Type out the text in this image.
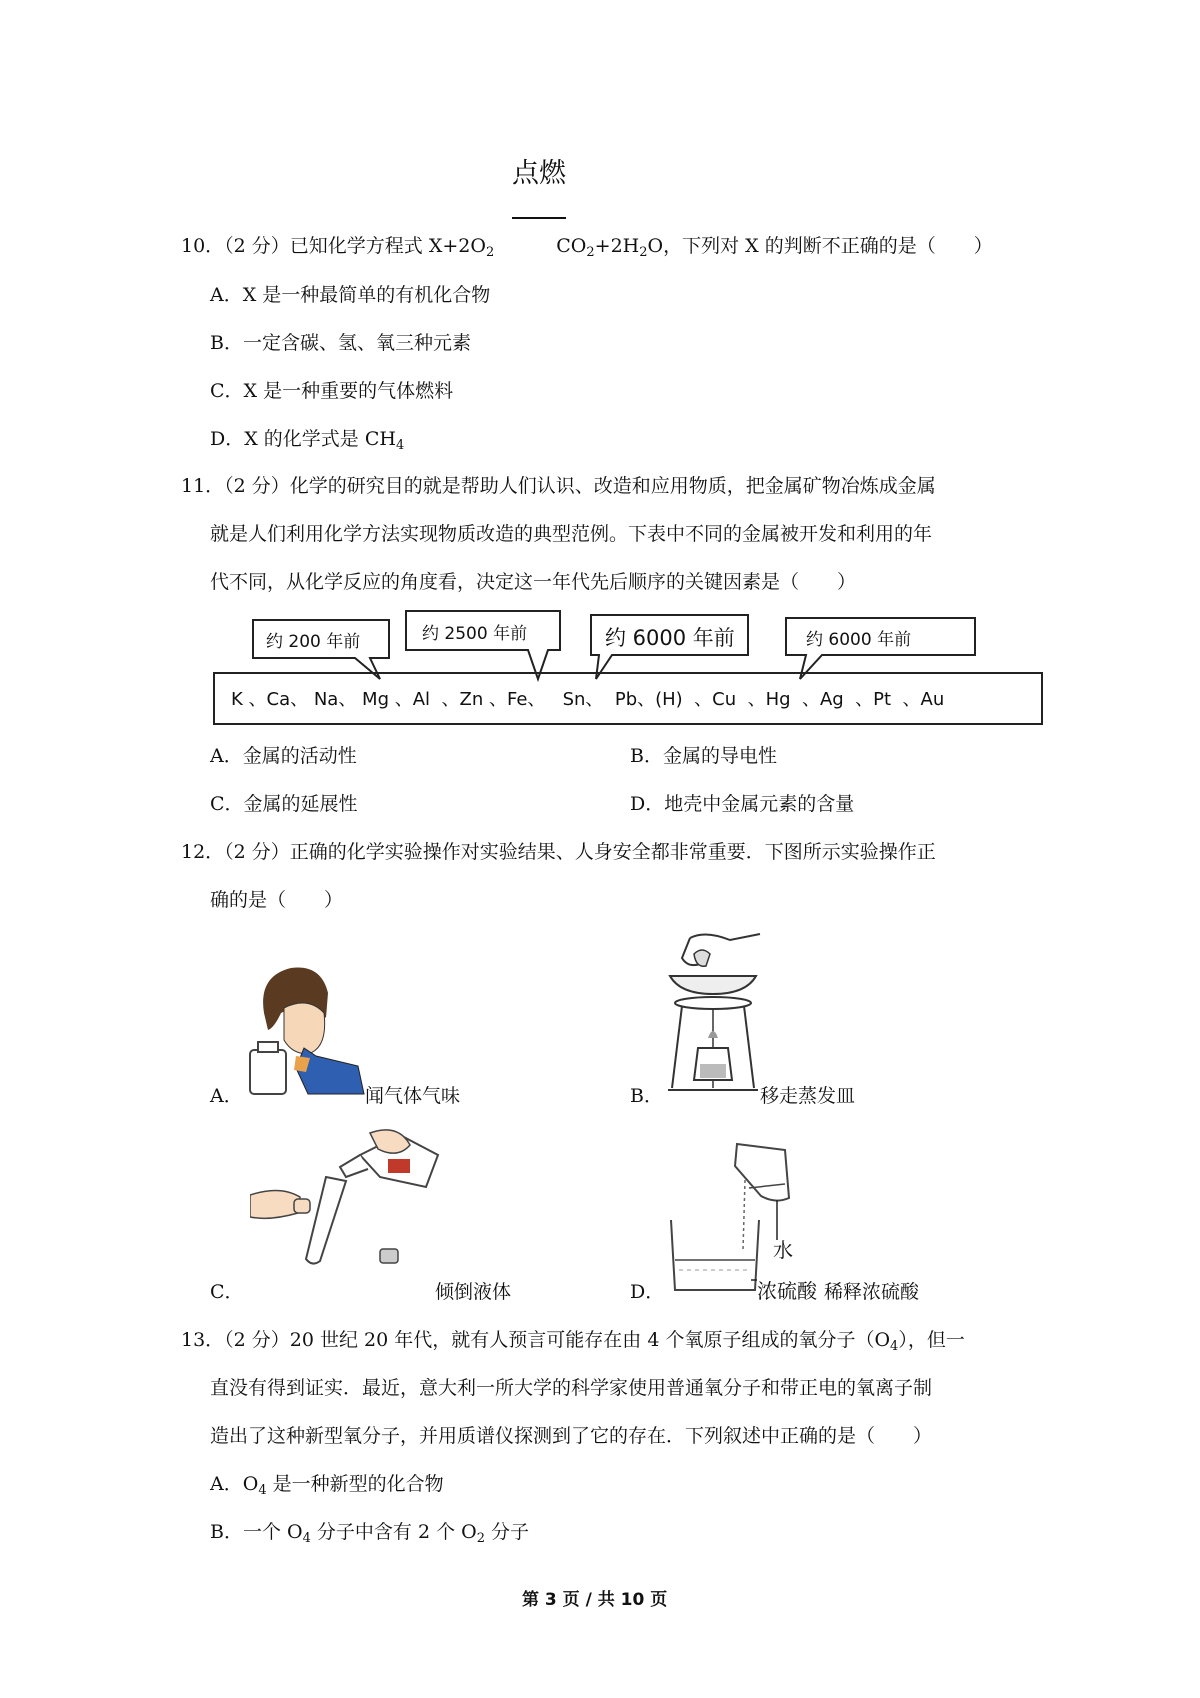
点燃
10．（2 分）已知化学方程式 $X+2O_2$	$CO_2+2H_2O$，下列对 X 的判断不正确的是（　　）
A．X 是一种最简单的有机化合物
B．一定含碳、氢、氧三种元素
C．X 是一种重要的气体燃料
D．X 的化学式是 $CH_4$
11．（2 分）化学的研究目的就是帮助人们认识、改造和应用物质，把金属矿物冶炼成金属
就是人们利用化学方法实现物质改造的典型范例。下表中不同的金属被开发和利用的年
代不同，从化学反应的角度看，决定这一年代先后顺序的关键因素是（　　）
约 200 年前	约 2500 年前	约 6000 年前	约 6000 年前
K 、Ca、 Na、 Mg 、Al  、Zn 、Fe、   Sn、  Pb、(H)  、Cu  、Hg  、Ag  、Pt  、Au
A．金属的活动性	B．金属的导电性
C．金属的延展性	D．地壳中金属元素的含量
12．（2 分）正确的化学实验操作对实验结果、人身安全都非常重要．下图所示实验操作正
确的是（　　）
A．	闻气体气味	B．	移走蒸发皿
C．	倾倒液体
水
D．	浓硫酸 稀释浓硫酸
13．（2 分）20 世纪 20 年代，就有人预言可能存在由 4 个氧原子组成的氧分子$(O_4)$，但一
直没有得到证实．最近，意大利一所大学的科学家使用普通氧分子和带正电的氧离子制
造出了这种新型氧分子，并用质谱仪探测到了它的存在．下列叙述中正确的是（　　）
A．$O_4$ 是一种新型的化合物
B．一个 $O_4$ 分子中含有 2 个 $O_2$ 分子
第 3 页 / 共 10 页
